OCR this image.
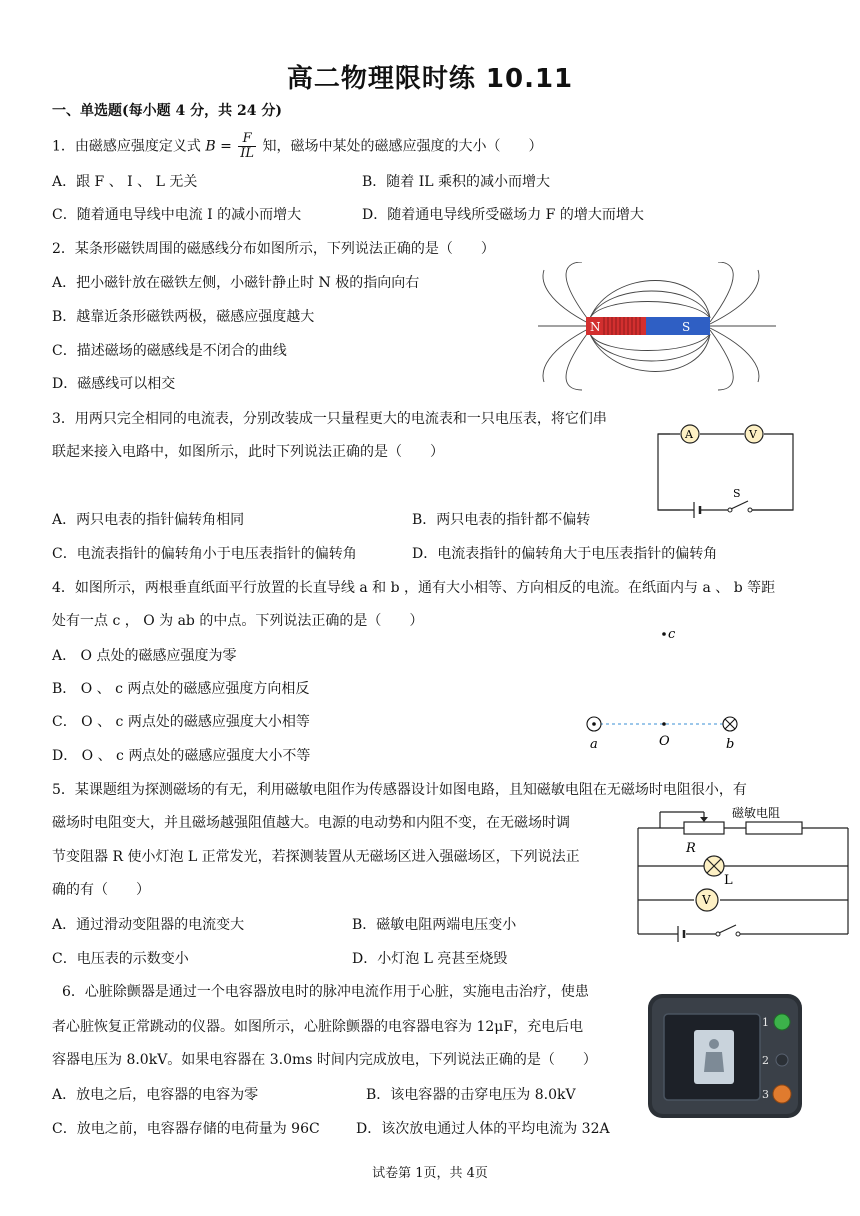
高二物理限时练 10.11
一、单选题(每小题 4 分，共 24 分)
1．由磁感应强度定义式 $B = \frac{F}{IL}$ 知，磁场中某处的磁感应强度的大小（　　）
A．跟 F 、 I 、 L 无关	B．随着 IL 乘积的减小而增大
C．随着通电导线中电流 I 的减小而增大	D．随着通电导线所受磁场力 F 的增大而增大
2．某条形磁铁周围的磁感线分布如图所示，下列说法正确的是（　　）
A．把小磁针放在磁铁左侧，小磁针静止时 N 极的指向向右
B．越靠近条形磁铁两极，磁感应强度越大
C．描述磁场的磁感线是不闭合的曲线
D．磁感线可以相交
N	S
3．用两只完全相同的电流表，分别改装成一只量程更大的电流表和一只电压表，将它们串
联起来接入电路中，如图所示，此时下列说法正确的是（　　）
A	V
S
A．两只电表的指针偏转角相同	B．两只电表的指针都不偏转
C．电流表指针的偏转角小于电压表指针的偏转角	D．电流表指针的偏转角大于电压表指针的偏转角
4．如图所示，两根垂直纸面平行放置的长直导线 a 和 b ，通有大小相等、方向相反的电流。在纸面内与 a 、 b 等距
处有一点 c ， O 为 ab 的中点。下列说法正确的是（　　）
A． O 点处的磁感应强度为零
B． O 、 c 两点处的磁感应强度方向相反
C． O 、 c 两点处的磁感应强度大小相等
D． O 、 c 两点处的磁感应强度大小不等
c
a	O	b
5．某课题组为探测磁场的有无，利用磁敏电阻作为传感器设计如图电路，且知磁敏电阻在无磁场时电阻很小，有
磁场时电阻变大，并且磁场越强阻值越大。电源的电动势和内阻不变，在无磁场时调
节变阻器 R 使小灯泡 L 正常发光，若探测装置从无磁场区进入强磁场区，下列说法正
确的有（　　）
磁敏电阻
R
L
V
A．通过滑动变阻器的电流变大	B．磁敏电阻两端电压变小
C．电压表的示数变小	D．小灯泡 L 亮甚至烧毁
6．心脏除颤器是通过一个电容器放电时的脉冲电流作用于心脏，实施电击治疗，使患
者心脏恢复正常跳动的仪器。如图所示，心脏除颤器的电容器电容为 12μF，充电后电
容器电压为 8.0kV。如果电容器在 3.0ms 时间内完成放电，下列说法正确的是（　　）
A．放电之后，电容器的电容为零	B．该电容器的击穿电压为 8.0kV
C．放电之前，电容器存储的电荷量为 96C	D．该次放电通过人体的平均电流为 32A
1
2
3
试卷第 1页，共 4页
